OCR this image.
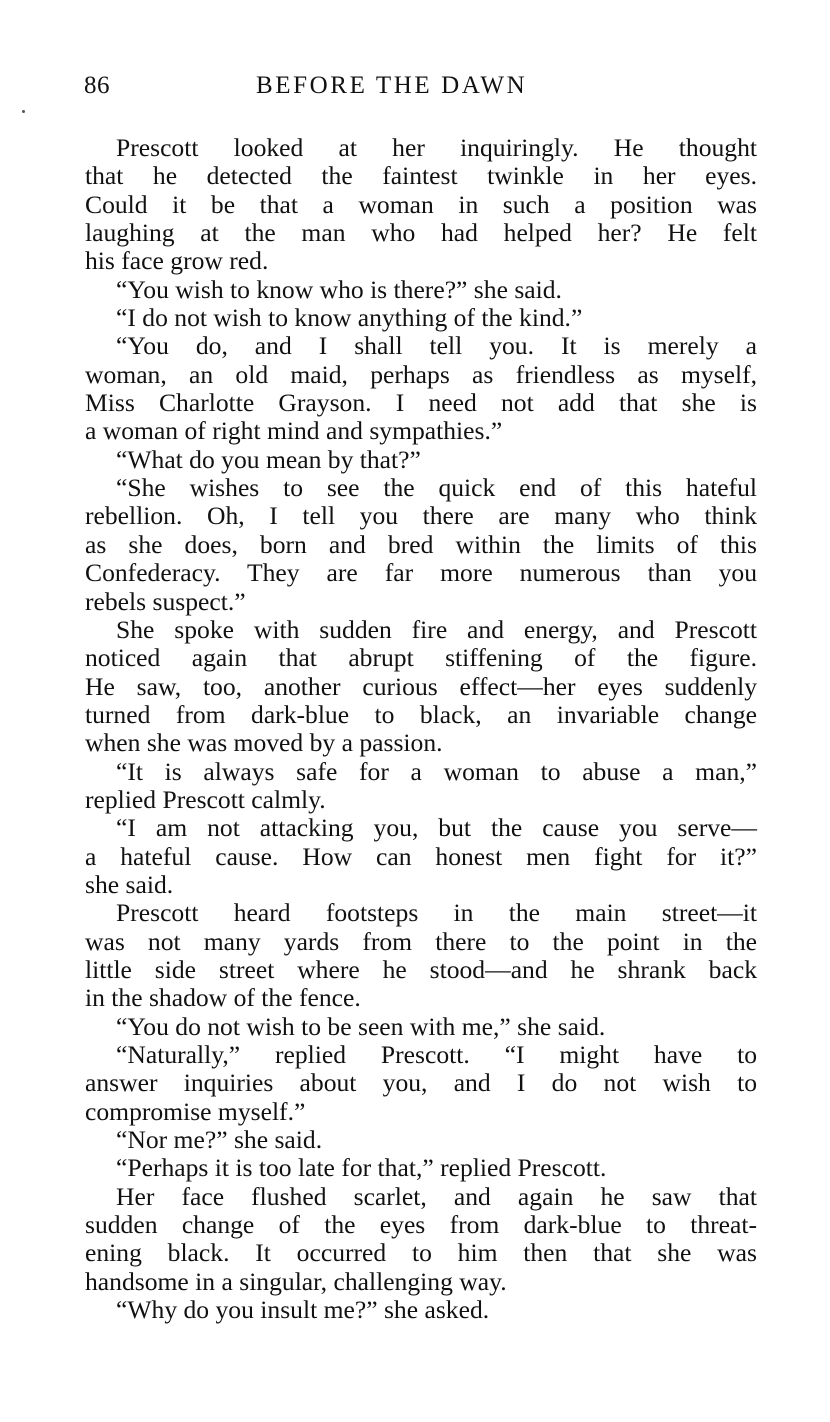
86	BEFORE THE DAWN
Prescott looked at her inquiringly. He thought
that he detected the faintest twinkle in her eyes.
Could it be that a woman in such a position was
laughing at the man who had helped her? He felt
his face grow red.
“You wish to know who is there?” she said.
“I do not wish to know anything of the kind.”
“You do, and I shall tell you. It is merely a
woman, an old maid, perhaps as friendless as myself,
Miss Charlotte Grayson. I need not add that she is
a woman of right mind and sympathies.”
“What do you mean by that?”
“She wishes to see the quick end of this hateful
rebellion. Oh, I tell you there are many who think
as she does, born and bred within the limits of this
Confederacy. They are far more numerous than you
rebels suspect.”
She spoke with sudden fire and energy, and Prescott
noticed again that abrupt stiffening of the figure.
He saw, too, another curious effect—her eyes suddenly
turned from dark-blue to black, an invariable change
when she was moved by a passion.
“It is always safe for a woman to abuse a man,”
replied Prescott calmly.
“I am not attacking you, but the cause you serve—
a hateful cause. How can honest men fight for it?”
she said.
Prescott heard footsteps in the main street—it
was not many yards from there to the point in the
little side street where he stood—and he shrank back
in the shadow of the fence.
“You do not wish to be seen with me,” she said.
“Naturally,” replied Prescott. “I might have to
answer inquiries about you, and I do not wish to
compromise myself.”
“Nor me?” she said.
“Perhaps it is too late for that,” replied Prescott.
Her face flushed scarlet, and again he saw that
sudden change of the eyes from dark-blue to threat-
ening black. It occurred to him then that she was
handsome in a singular, challenging way.
“Why do you insult me?” she asked.
